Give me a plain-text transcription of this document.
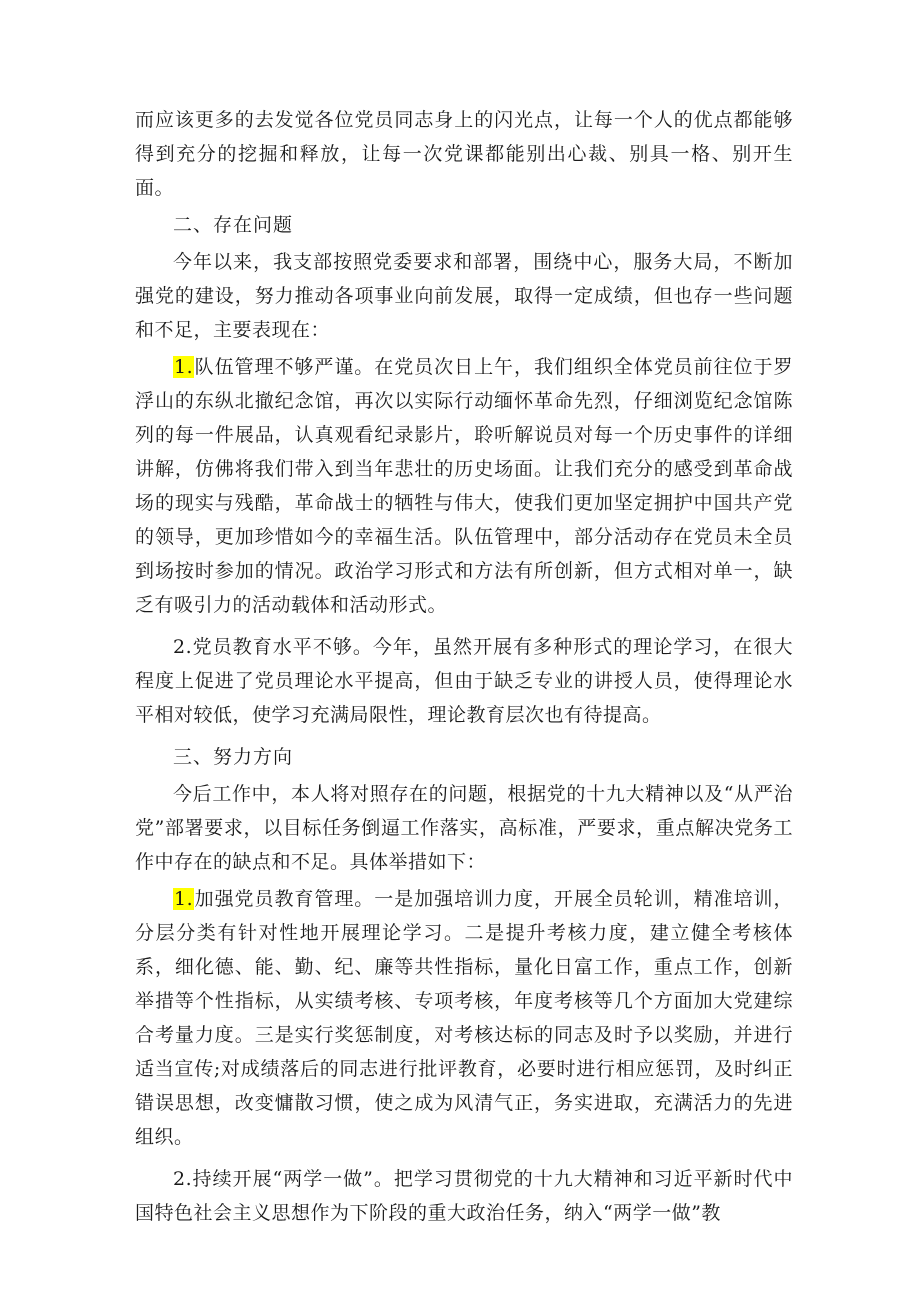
而应该更多的去发觉各位党员同志身上的闪光点，让每一个人的优点都能够得到充分的挖掘和释放，让每一次党课都能别出心裁、别具一格、别开生面。

二、存在问题

今年以来，我支部按照党委要求和部署，围绕中心，服务大局，不断加强党的建设，努力推动各项事业向前发展，取得一定成绩，但也存一些问题和不足，主要表现在：

1.队伍管理不够严谨。在党员次日上午，我们组织全体党员前往位于罗浮山的东纵北撤纪念馆，再次以实际行动缅怀革命先烈，仔细浏览纪念馆陈列的每一件展品，认真观看纪录影片，聆听解说员对每一个历史事件的详细讲解，仿佛将我们带入到当年悲壮的历史场面。让我们充分的感受到革命战场的现实与残酷，革命战士的牺牲与伟大，使我们更加坚定拥护中国共产党的领导，更加珍惜如今的幸福生活。队伍管理中，部分活动存在党员未全员到场按时参加的情况。政治学习形式和方法有所创新，但方式相对单一，缺乏有吸引力的活动载体和活动形式。

2.党员教育水平不够。今年，虽然开展有多种形式的理论学习，在很大程度上促进了党员理论水平提高，但由于缺乏专业的讲授人员，使得理论水平相对较低，使学习充满局限性，理论教育层次也有待提高。

三、努力方向

今后工作中，本人将对照存在的问题，根据党的十九大精神以及“从严治党”部署要求，以目标任务倒逼工作落实，高标准，严要求，重点解决党务工作中存在的缺点和不足。具体举措如下：

1.加强党员教育管理。一是加强培训力度，开展全员轮训，精准培训，分层分类有针对性地开展理论学习。二是提升考核力度，建立健全考核体系，细化德、能、勤、纪、廉等共性指标，量化日富工作，重点工作，创新举措等个性指标，从实绩考核、专项考核，年度考核等几个方面加大党建综合考量力度。三是实行奖惩制度，对考核达标的同志及时予以奖励，并进行适当宣传;对成绩落后的同志进行批评教育，必要时进行相应惩罚，及时纠正错误思想，改变慵散习惯，使之成为风清气正，务实进取，充满活力的先进组织。

2.持续开展“两学一做”。把学习贯彻党的十九大精神和习近平新时代中国特色社会主义思想作为下阶段的重大政治任务，纳入“两学一做”教
